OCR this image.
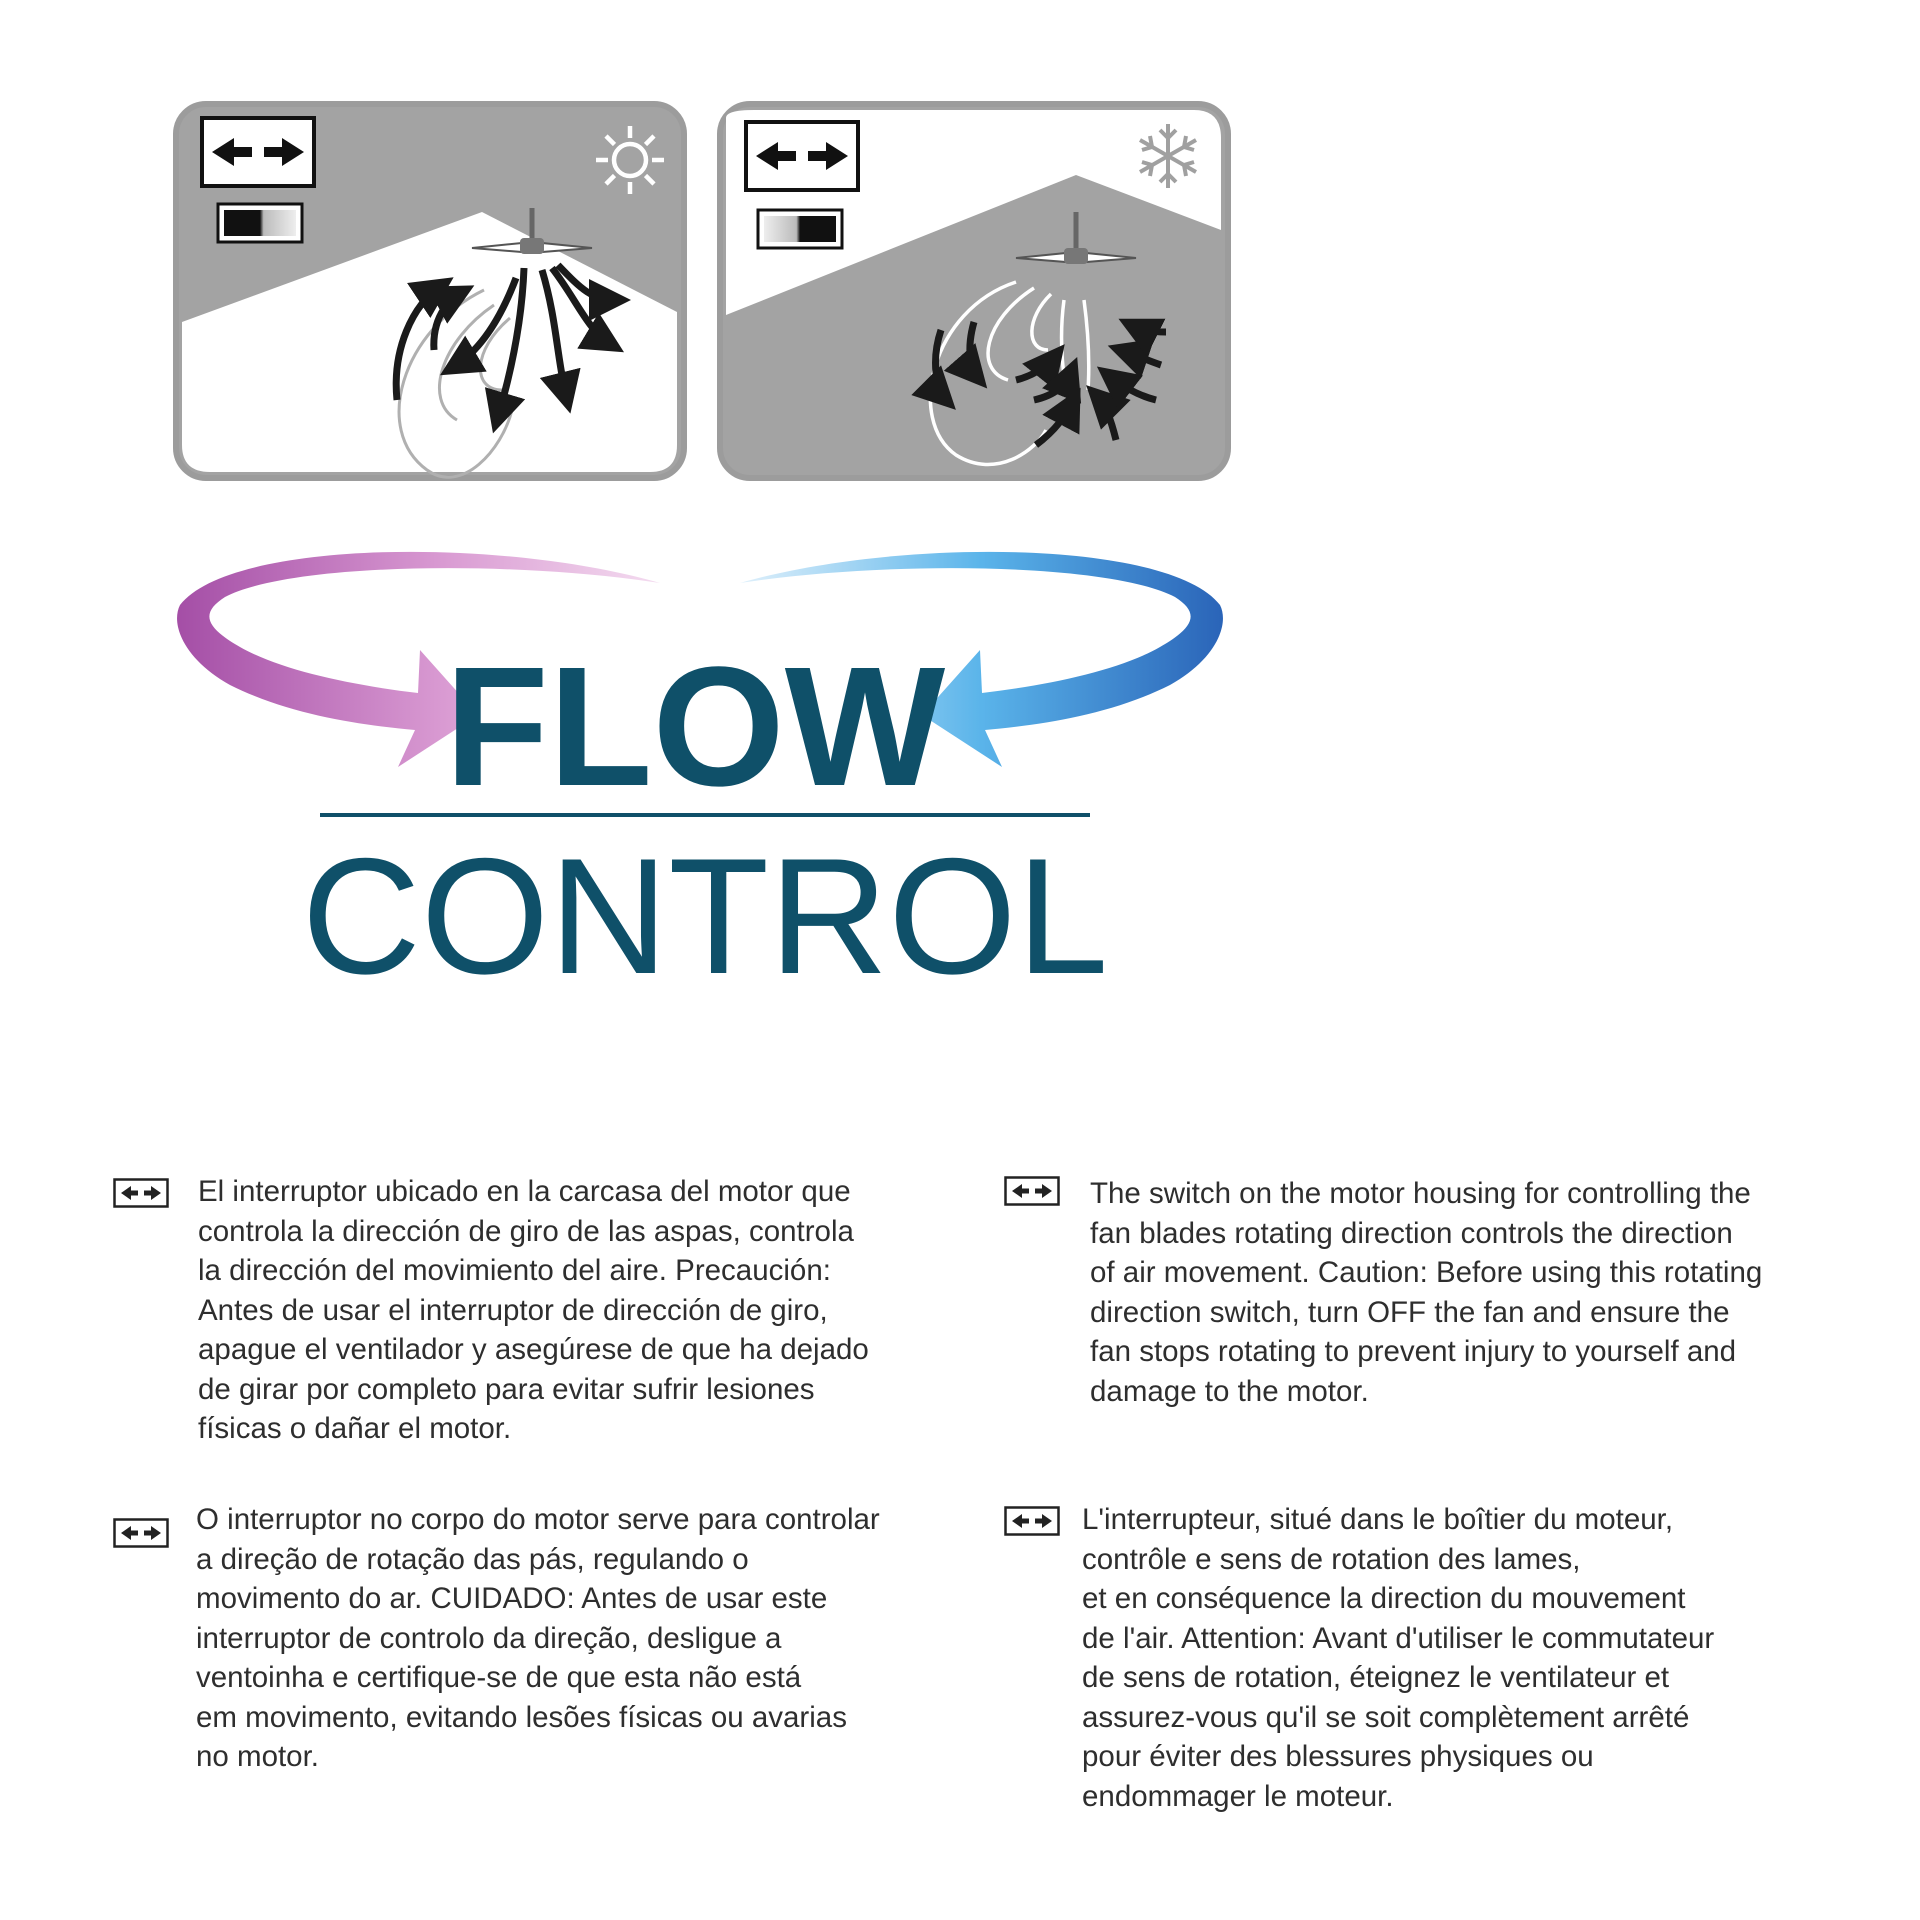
FLOW
CONTROL
El interruptor ubicado en la carcasa del motor que
controla la dirección de giro de las aspas, controla
la dirección del movimiento del aire. Precaución:
Antes de usar el interruptor de dirección de giro,
apague el ventilador y asegúrese de que ha dejado
de girar por completo para evitar sufrir lesiones
físicas o dañar el motor.
The switch on the motor housing for controlling the
fan blades rotating direction controls the direction
of air movement. Caution: Before using this rotating
direction switch, turn OFF the fan and ensure the
fan stops rotating to prevent injury to yourself and
damage to the motor.
O interruptor no corpo do motor serve para controlar
a direção de rotação das pás, regulando o
movimento do ar. CUIDADO: Antes de usar este
interruptor de controlo da direção, desligue a
ventoinha e certifique-se de que esta não está
em movimento, evitando lesões físicas ou avarias
no motor.
L'interrupteur, situé dans le boîtier du moteur,
contrôle e sens de rotation des lames,
et en conséquence la direction du mouvement
de l'air. Attention: Avant d'utiliser le commutateur
de sens de rotation, éteignez le ventilateur et
assurez-vous qu'il se soit complètement arrêté
pour éviter des blessures physiques ou
endommager le moteur.
